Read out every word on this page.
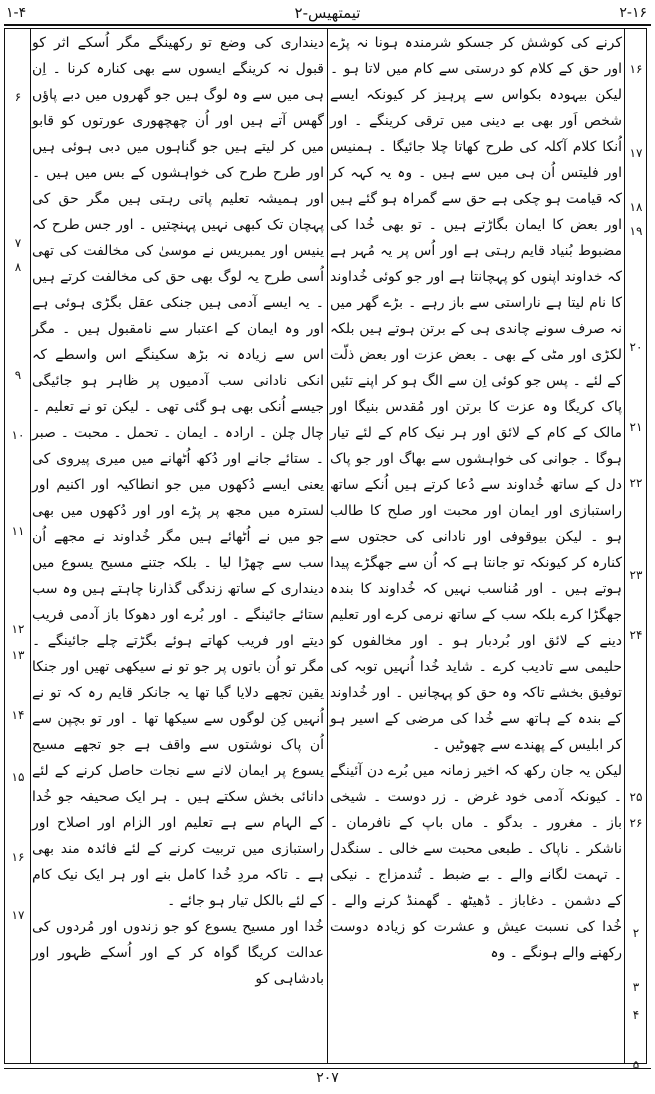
۱-۴	۲-تیمتھیس	۲-۱۶
۶
۷
۸
۹
۱۰
۱۱
۱۲
۱۳
۱۴
۱۵
۱۶
۱۷
۱۶
۱۷
۱۸
۱۹
۲۰
۲۱
۲۲
۲۳
۲۴
۲۵
۲۶
۲
۳
۴
۵

کرنے کی کوشش کر جسکو شرمندہ ہونا نہ پڑے اور حق کے کلام کو درستی سے کام میں لاتا ہو ۔ لیکن بیہودہ بکواس سے پرہیز کر کیونکہ ایسے شخص اَور بھی بے دینی میں ترقی کرینگے ۔ اور اُنکا کلام آکلہ کی طرح کھاتا چلا جائیگا ۔ ہمنیس اور فلیتس اُن ہی میں سے ہیں ۔ وہ یہ کہہ کر کہ قیامت ہو چکی ہے حق سے گمراہ ہو گئے ہیں اور بعض کا ایمان بگاڑتے ہیں ۔ تو بھی خُدا کی مضبوط بُنیاد قایم رہتی ہے اور اُس پر یہ مُہر ہے کہ خداوند اپنوں کو پہچانتا ہے اور جو کوئی خُداوند کا نام لیتا ہے ناراستی سے باز رہے ۔ بڑے گھر میں نہ صرف سونے چاندی ہی کے برتن ہوتے ہیں بلکہ لکڑی اور مٹی کے بھی ۔ بعض عزت اور بعض ذلّت کے لئے ۔ پس جو کوئی اِن سے الگ ہو کر اپنے تئیں پاک کریگا وہ عزت کا برتن اور مُقدس بنیگا اور مالک کے کام کے لائق اور ہر نیک کام کے لئے تیار ہوگا ۔ جوانی کی خواہشوں سے بھاگ اور جو پاک دل کے ساتھ خُداوند سے دُعا کرتے ہیں اُنکے ساتھ راستبازی اور ایمان اور محبت اور صلح کا طالب ہو ۔ لیکن بیوقوفی اور نادانی کی حجتوں سے کنارہ کر کیونکہ تو جانتا ہے کہ اُن سے جھگڑے پیدا ہوتے ہیں ۔ اور مُناسب نہیں کہ خُداوند کا بندہ جھگڑا کرے بلکہ سب کے ساتھ نرمی کرے اور تعلیم دینے کے لائق اور بُردبار ہو ۔ اور مخالفوں کو حلیمی سے تادیب کرے ۔ شاید خُدا اُنہیں توبہ کی توفیق بخشے تاکہ وہ حق کو پہچانیں ۔ اور خُداوند کے بندہ کے ہاتھ سے خُدا کی مرضی کے اسیر ہو کر ابلیس کے پھندے سے چھوٹیں ۔

لیکن یہ جان رکھ کہ اخیر زمانہ میں بُرے دن آئینگے ۔ کیونکہ آدمی خود غرض ۔ زر دوست ۔ شیخی باز ۔ مغرور ۔ بدگو ۔ ماں باپ کے نافرمان ۔ ناشکر ۔ ناپاک ۔ طبعی محبت سے خالی ۔ سنگدل ۔ تہمت لگانے والے ۔ بے ضبط ۔ تُندمزاج ۔ نیکی کے دشمن ۔ دغاباز ۔ ڈھیٹھ ۔ گھمنڈ کرنے والے ۔ خُدا کی نسبت عیش و عشرت کو زیادہ دوست رکھنے والے ہونگے ۔ وہ

دینداری کی وضع تو رکھینگے مگر اُسکے اثر کو قبول نہ کرینگے ایسوں سے بھی کنارہ کرنا ۔ اِن ہی میں سے وہ لوگ ہیں جو گھروں میں دبے پاؤں گھس آتے ہیں اور اُن چھچھوری عورتوں کو قابو میں کر لیتے ہیں جو گناہوں میں دبی ہوئی ہیں اور طرح طرح کی خواہشوں کے بس میں ہیں ۔ اور ہمیشہ تعلیم پاتی رہتی ہیں مگر حق کی پہچان تک کبھی نہیں پہنچتیں ۔ اور جس طرح کہ ینیس اور یمبریس نے موسیٰ کی مخالفت کی تھی اُسی طرح یہ لوگ بھی حق کی مخالفت کرتے ہیں ۔ یہ ایسے آدمی ہیں جنکی عقل بگڑی ہوئی ہے اور وہ ایمان کے اعتبار سے نامقبول ہیں ۔ مگر اس سے زیادہ نہ بڑھ سکینگے اس واسطے کہ انکی نادانی سب آدمیوں پر ظاہر ہو جائیگی جیسے اُنکی بھی ہو گئی تھی ۔ لیکن تو نے تعلیم ۔ چال چلن ۔ ارادہ ۔ ایمان ۔ تحمل ۔ محبت ۔ صبر ۔ ستائے جانے اور دُکھ اُٹھانے میں میری پیروی کی یعنی ایسے دُکھوں میں جو انطاکیہ اور اکنیم اور لسترہ میں مجھ پر پڑے اور اور دُکھوں میں بھی جو میں نے اُٹھائے ہیں مگر خُداوند نے مجھے اُن سب سے چھڑا لیا ۔ بلکہ جتنے مسیح یسوع میں دینداری کے ساتھ زندگی گذارنا چاہتے ہیں وہ سب ستائے جائینگے ۔ اور بُرے اور دھوکا باز آدمی فریب دیتے اور فریب کھاتے ہوئے بگڑتے چلے جائینگے ۔ مگر تو اُن باتوں پر جو تو نے سیکھی تھیں اور جنکا یقین تجھے دلایا گیا تھا یہ جانکر قایم رہ کہ تو نے اُنہیں کِن لوگوں سے سیکھا تھا ۔ اور تو بچپن سے اُن پاک نوشتوں سے واقف ہے جو تجھے مسیح یسوع پر ایمان لانے سے نجات حاصل کرنے کے لئے دانائی بخش سکتے ہیں ۔ ہر ایک صحیفہ جو خُدا کے الہام سے ہے تعلیم اور الزام اور اصلاح اور راستبازی میں تربیت کرنے کے لئے فائدہ مند بھی ہے ۔ تاکہ مردِ خُدا کامل بنے اور ہر ایک نیک کام کے لئے بالکل تیار ہو جائے ۔

خُدا اور مسیح یسوع کو جو زندوں اور مُردوں کی عدالت کریگا گواہ کر کے اور اُسکے ظہور اور بادشاہی کو

۲۰۷
